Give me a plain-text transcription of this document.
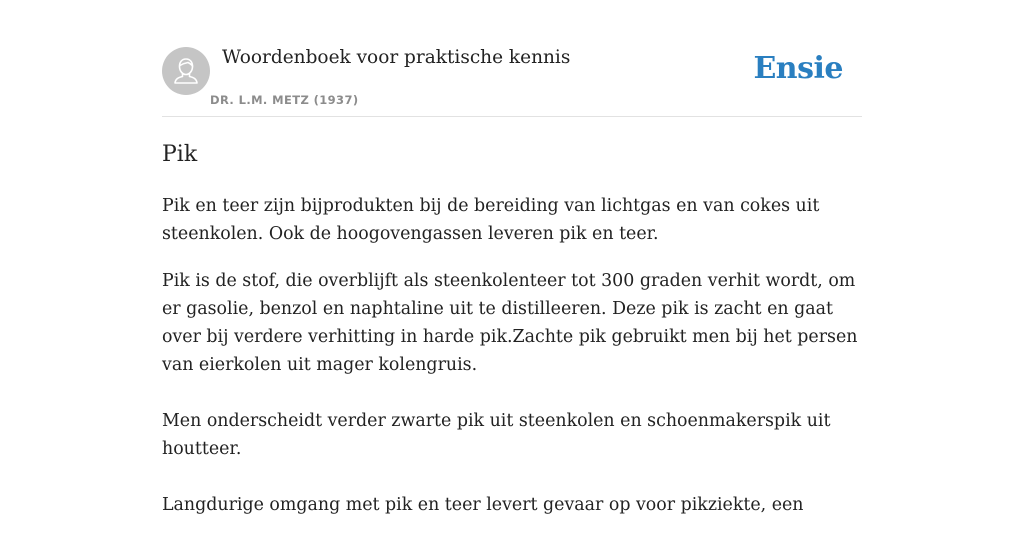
Woordenboek voor praktische kennis
DR. L.M. METZ (1937)
Ensie
Pik

Pik en teer zijn bijprodukten bij de bereiding van lichtgas en van cokes uit steenkolen. Ook de hoogovengassen leveren pik en teer.

Pik is de stof, die overblijft als steenkolenteer tot 300 graden verhit wordt, om er gasolie, benzol en naphtaline uit te distilleeren. Deze pik is zacht en gaat over bij verdere verhitting in harde pik.Zachte pik gebruikt men bij het persen van eierkolen uit mager kolengruis.

Men onderscheidt verder zwarte pik uit steenkolen en schoenmakerspik uit houtteer.

Langdurige omgang met pik en teer levert gevaar op voor pikziekte, een
